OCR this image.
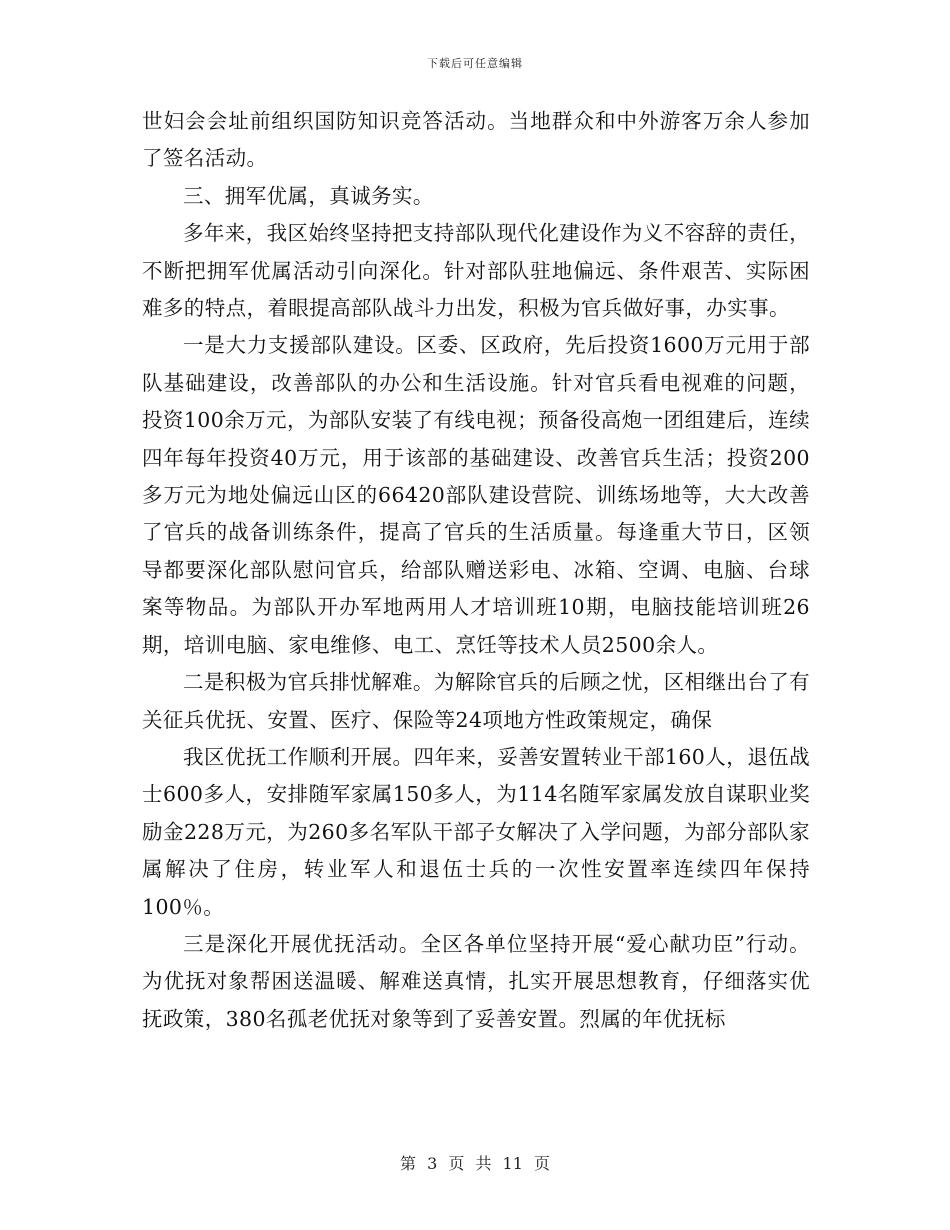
下载后可任意编辑

世妇会会址前组织国防知识竞答活动。当地群众和中外游客万余人参加了签名活动。

三、拥军优属，真诚务实。

多年来，我区始终坚持把支持部队现代化建设作为义不容辞的责任，不断把拥军优属活动引向深化。针对部队驻地偏远、条件艰苦、实际困难多的特点，着眼提高部队战斗力出发，积极为官兵做好事，办实事。

一是大力支援部队建设。区委、区政府，先后投资1600万元用于部队基础建设，改善部队的办公和生活设施。针对官兵看电视难的问题，投资100余万元，为部队安装了有线电视；预备役高炮一团组建后，连续四年每年投资40万元，用于该部的基础建设、改善官兵生活；投资200多万元为地处偏远山区的66420部队建设营院、训练场地等，大大改善了官兵的战备训练条件，提高了官兵的生活质量。每逢重大节日，区领导都要深化部队慰问官兵，给部队赠送彩电、冰箱、空调、电脑、台球案等物品。为部队开办军地两用人才培训班10期，电脑技能培训班26期，培训电脑、家电维修、电工、烹饪等技术人员2500余人。

二是积极为官兵排忧解难。为解除官兵的后顾之忧，区相继出台了有关征兵优抚、安置、医疗、保险等24项地方性政策规定，确保

我区优抚工作顺利开展。四年来，妥善安置转业干部160人，退伍战士600多人，安排随军家属150多人，为114名随军家属发放自谋职业奖励金228万元，为260多名军队干部子女解决了入学问题，为部分部队家属解决了住房，转业军人和退伍士兵的一次性安置率连续四年保持100％。

三是深化开展优抚活动。全区各单位坚持开展“爱心献功臣”行动。为优抚对象帮困送温暖、解难送真情，扎实开展思想教育，仔细落实优抚政策，380名孤老优抚对象等到了妥善安置。烈属的年优抚标

第 3 页 共 11 页
